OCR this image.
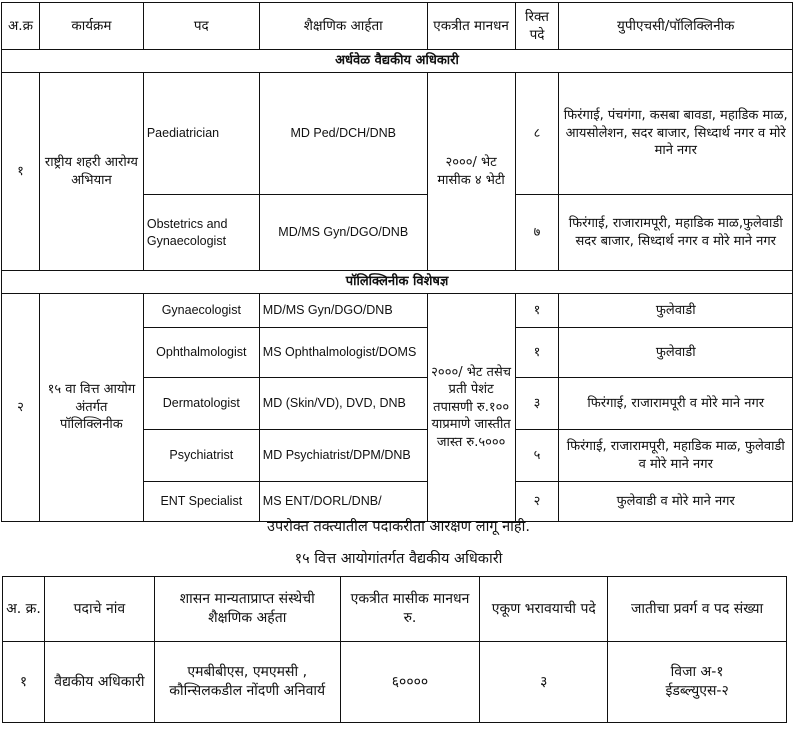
अ.क्र	कार्यक्रम	पद	शैक्षणिक आर्हता	एकत्रीत मानधन	रिक्त पदे	युपीएचसी/पॉलिक्लिनीक
अर्धवेळ वैद्यकीय अधिकारी						
१	राष्ट्रीय शहरी आरोग्य अभियान	Paediatrician	MD Ped/DCH/DNB	२०००/ भेट मासीक ४ भेटी	८	फिरंगाई, पंचगंगा, कसबा बावडा, महाडिक माळ, आयसोलेशन, सदर बाजार, सिध्दार्थ नगर व मोरे माने नगर
		Obstetrics and Gynaecologist	MD/MS Gyn/DGO/DNB		७	फिरंगाई, राजारामपूरी, महाडिक माळ,फुलेवाडी सदर बाजार, सिध्दार्थ नगर व मोरे माने नगर
पॉलिक्लिनीक विशेषज्ञ						
२	१५ वा वित्त आयोग अंतर्गत पॉलिक्लिनीक	Gynaecologist	MD/MS Gyn/DGO/DNB	२०००/ भेट तसेच प्रती पेशंट तपासणी रु.१०० याप्रमाणे जास्तीत जास्त रु.५०००	१	फुलेवाडी
		Ophthalmologist	MS Ophthalmologist/DOMS		१	फुलेवाडी
		Dermatologist	MD (Skin/VD), DVD, DNB		३	फिरंगाई, राजारामपूरी व मोरे माने नगर
		Psychiatrist	MD Psychiatrist/DPM/DNB		५	फिरंगाई, राजारामपूरी, महाडिक माळ, फुलेवाडी व मोरे माने नगर
		ENT Specialist	MS ENT/DORL/DNB/		२	फुलेवाडी व मोरे माने नगर
उपरोक्त तक्त्यातील पदाकरीता आरक्षण लागू नाही.
१५ वित्त आयोगांतर्गत वैद्यकीय अधिकारी
अ. क्र.	पदाचे नांव	शासन मान्यताप्राप्त संस्थेची शैक्षणिक अर्हता	एकत्रीत मासीक मानधन रु.	एकूण भरावयाची पदे	जातीचा प्रवर्ग व पद संख्या
१	वैद्यकीय अधिकारी	एमबीबीएस, एमएमसी , कौन्सिलकडील नोंदणी अनिवार्य	६००००	३	विजा अ-१
ईडब्ल्युएस-२
